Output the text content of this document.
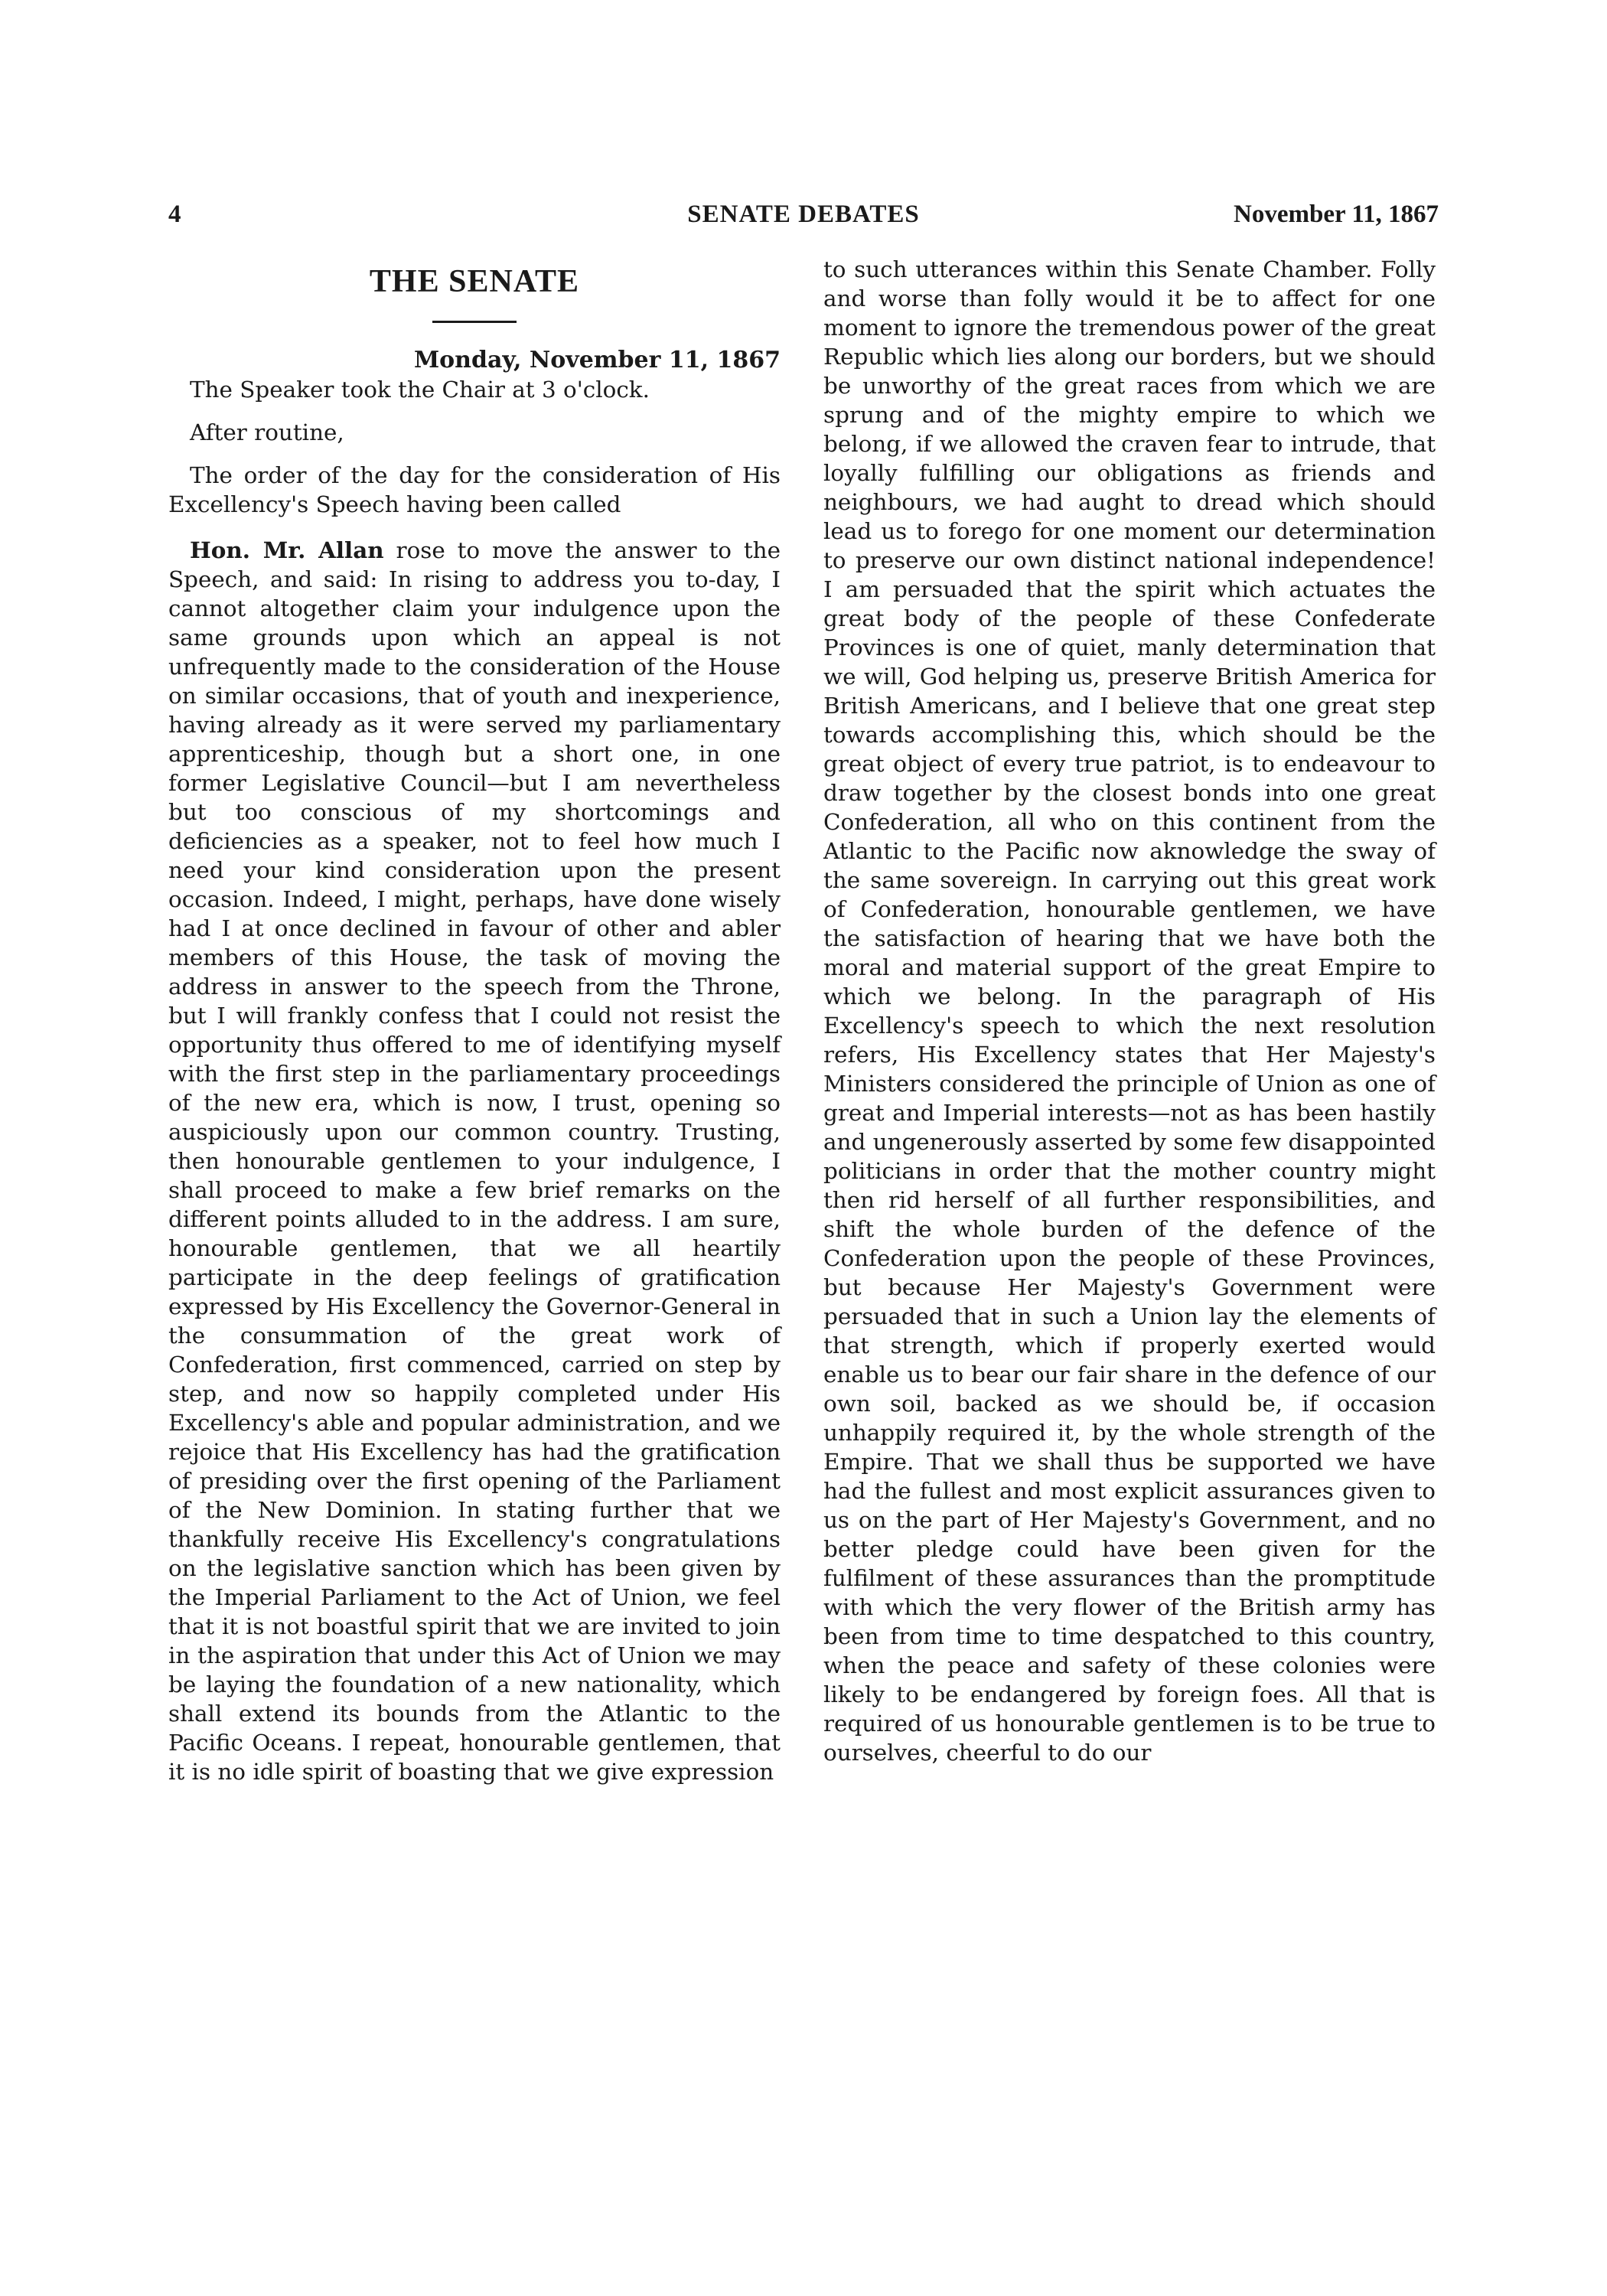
4	SENATE DEBATES	November 11, 1867
THE SENATE

Monday, November 11, 1867

The Speaker took the Chair at 3 o'clock.

After routine,

The order of the day for the consideration of His Excellency's Speech having been called

Hon. Mr. Allan rose to move the answer to the Speech, and said: In rising to address you to-day, I cannot altogether claim your indulgence upon the same grounds upon which an appeal is not unfrequently made to the consideration of the House on similar occasions, that of youth and inexperience, having already as it were served my parliamentary apprenticeship, though but a short one, in one former Legislative Council—but I am nevertheless but too conscious of my shortcomings and deficiencies as a speaker, not to feel how much I need your kind consideration upon the present occasion. Indeed, I might, perhaps, have done wisely had I at once declined in favour of other and abler members of this House, the task of moving the address in answer to the speech from the Throne, but I will frankly confess that I could not resist the opportunity thus offered to me of identifying myself with the first step in the parliamentary proceedings of the new era, which is now, I trust, opening so auspiciously upon our common country. Trusting, then honourable gentlemen to your indulgence, I shall proceed to make a few brief remarks on the different points alluded to in the address. I am sure, honourable gentlemen, that we all heartily participate in the deep feelings of gratification expressed by His Excellency the Governor-General in the consummation of the great work of Confederation, first commenced, carried on step by step, and now so happily completed under His Excellency's able and popular administration, and we rejoice that His Excellency has had the gratification of presiding over the first opening of the Parliament of the New Dominion. In stating further that we thankfully receive His Excellency's congratulations on the legislative sanction which has been given by the Imperial Parliament to the Act of Union, we feel that it is not boastful spirit that we are invited to join in the aspiration that under this Act of Union we may be laying the foundation of a new nationality, which shall extend its bounds from the Atlantic to the Pacific Oceans. I repeat, honourable gentlemen, that it is no idle spirit of boasting that we give expression

to such utterances within this Senate Chamber. Folly and worse than folly would it be to affect for one moment to ignore the tremendous power of the great Republic which lies along our borders, but we should be unworthy of the great races from which we are sprung and of the mighty empire to which we belong, if we allowed the craven fear to intrude, that loyally fulfilling our obligations as friends and neighbours, we had aught to dread which should lead us to forego for one moment our determination to preserve our own distinct national independence! I am persuaded that the spirit which actuates the great body of the people of these Confederate Provinces is one of quiet, manly determination that we will, God helping us, preserve British America for British Americans, and I believe that one great step towards accomplishing this, which should be the great object of every true patriot, is to endeavour to draw together by the closest bonds into one great Confederation, all who on this continent from the Atlantic to the Pacific now aknowledge the sway of the same sovereign. In carrying out this great work of Confederation, honourable gentlemen, we have the satisfaction of hearing that we have both the moral and material support of the great Empire to which we belong. In the paragraph of His Excellency's speech to which the next resolution refers, His Excellency states that Her Majesty's Ministers considered the principle of Union as one of great and Imperial interests—not as has been hastily and ungenerously asserted by some few disappointed politicians in order that the mother country might then rid herself of all further responsibilities, and shift the whole burden of the defence of the Confederation upon the people of these Provinces, but because Her Majesty's Government were persuaded that in such a Union lay the elements of that strength, which if properly exerted would enable us to bear our fair share in the defence of our own soil, backed as we should be, if occasion unhappily required it, by the whole strength of the Empire. That we shall thus be supported we have had the fullest and most explicit assurances given to us on the part of Her Majesty's Government, and no better pledge could have been given for the fulfilment of these assurances than the promptitude with which the very flower of the British army has been from time to time despatched to this country, when the peace and safety of these colonies were likely to be endangered by foreign foes. All that is required of us honourable gentlemen is to be true to ourselves, cheerful to do our
